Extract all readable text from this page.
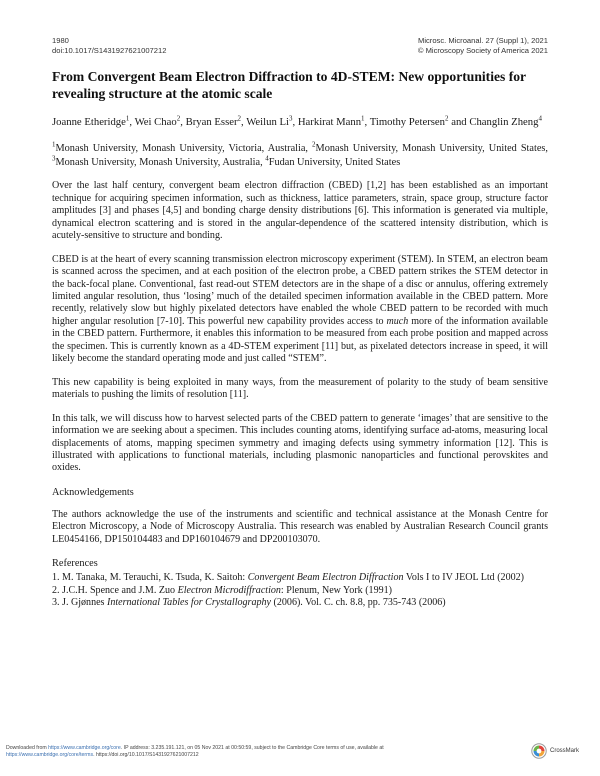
1980
doi:10.1017/S1431927621007212
Microsc. Microanal. 27 (Suppl 1), 2021
© Microscopy Society of America 2021
From Convergent Beam Electron Diffraction to 4D-STEM: New opportunities for revealing structure at the atomic scale
Joanne Etheridge$^1$, Wei Chao$^2$, Bryan Esser$^2$, Weilun Li$^3$, Harkirat Mann$^1$, Timothy Petersen$^2$ and Changlin Zheng$^4$
$^1$Monash University, Monash University, Victoria, Australia, $^2$Monash University, Monash University, United States, $^3$Monash University, Monash University, Australia, $^4$Fudan University, United States

Over the last half century, convergent beam electron diffraction (CBED) [1,2] has been established as an important technique for acquiring specimen information, such as thickness, lattice parameters, strain, space group, structure factor amplitudes [3] and phases [4,5] and bonding charge density distributions [6]. This information is generated via multiple, dynamical electron scattering and is stored in the angular-dependence of the scattered intensity distribution, which is acutely-sensitive to structure and bonding.

CBED is at the heart of every scanning transmission electron microscopy experiment (STEM). In STEM, an electron beam is scanned across the specimen, and at each position of the electron probe, a CBED pattern strikes the STEM detector in the back-focal plane. Conventional, fast read-out STEM detectors are in the shape of a disc or annulus, offering extremely limited angular resolution, thus ‘losing’ much of the detailed specimen information available in the CBED pattern. More recently, relatively slow but highly pixelated detectors have enabled the whole CBED pattern to be recorded with much higher angular resolution [7-10]. This powerful new capability provides access to much more of the information available in the CBED pattern. Furthermore, it enables this information to be measured from each probe position and mapped across the specimen. This is currently known as a 4D-STEM experiment [11] but, as pixelated detectors increase in speed, it will likely become the standard operating mode and just called “STEM”.

This new capability is being exploited in many ways, from the measurement of polarity to the study of beam sensitive materials to pushing the limits of resolution [11].

In this talk, we will discuss how to harvest selected parts of the CBED pattern to generate ‘images’ that are sensitive to the information we are seeking about a specimen. This includes counting atoms, identifying surface ad-atoms, measuring local displacements of atoms, mapping specimen symmetry and imaging defects using symmetry information [12]. This is illustrated with applications to functional materials, including plasmonic nanoparticles and functional perovskites and oxides.

Acknowledgements

The authors acknowledge the use of the instruments and scientific and technical assistance at the Monash Centre for Electron Microscopy, a Node of Microscopy Australia. This research was enabled by Australian Research Council grants LE0454166, DP150104483 and DP160104679 and DP200103070.

References

1. M. Tanaka, M. Terauchi, K. Tsuda, K. Saitoh: Convergent Beam Electron Diffraction Vols I to IV JEOL Ltd (2002)

2. J.C.H. Spence and J.M. Zuo Electron Microdiffraction: Plenum, New York (1991)

3. J. Gjønnes International Tables for Crystallography (2006). Vol. C. ch. 8.8, pp. 735-743 (2006)

Downloaded from https://www.cambridge.org/core. IP address: 3.235.191.121, on 05 Nov 2021 at 00:50:59, subject to the Cambridge Core terms of use, available at
https://www.cambridge.org/core/terms. https://doi.org/10.1017/S1431927621007212
CrossMark
